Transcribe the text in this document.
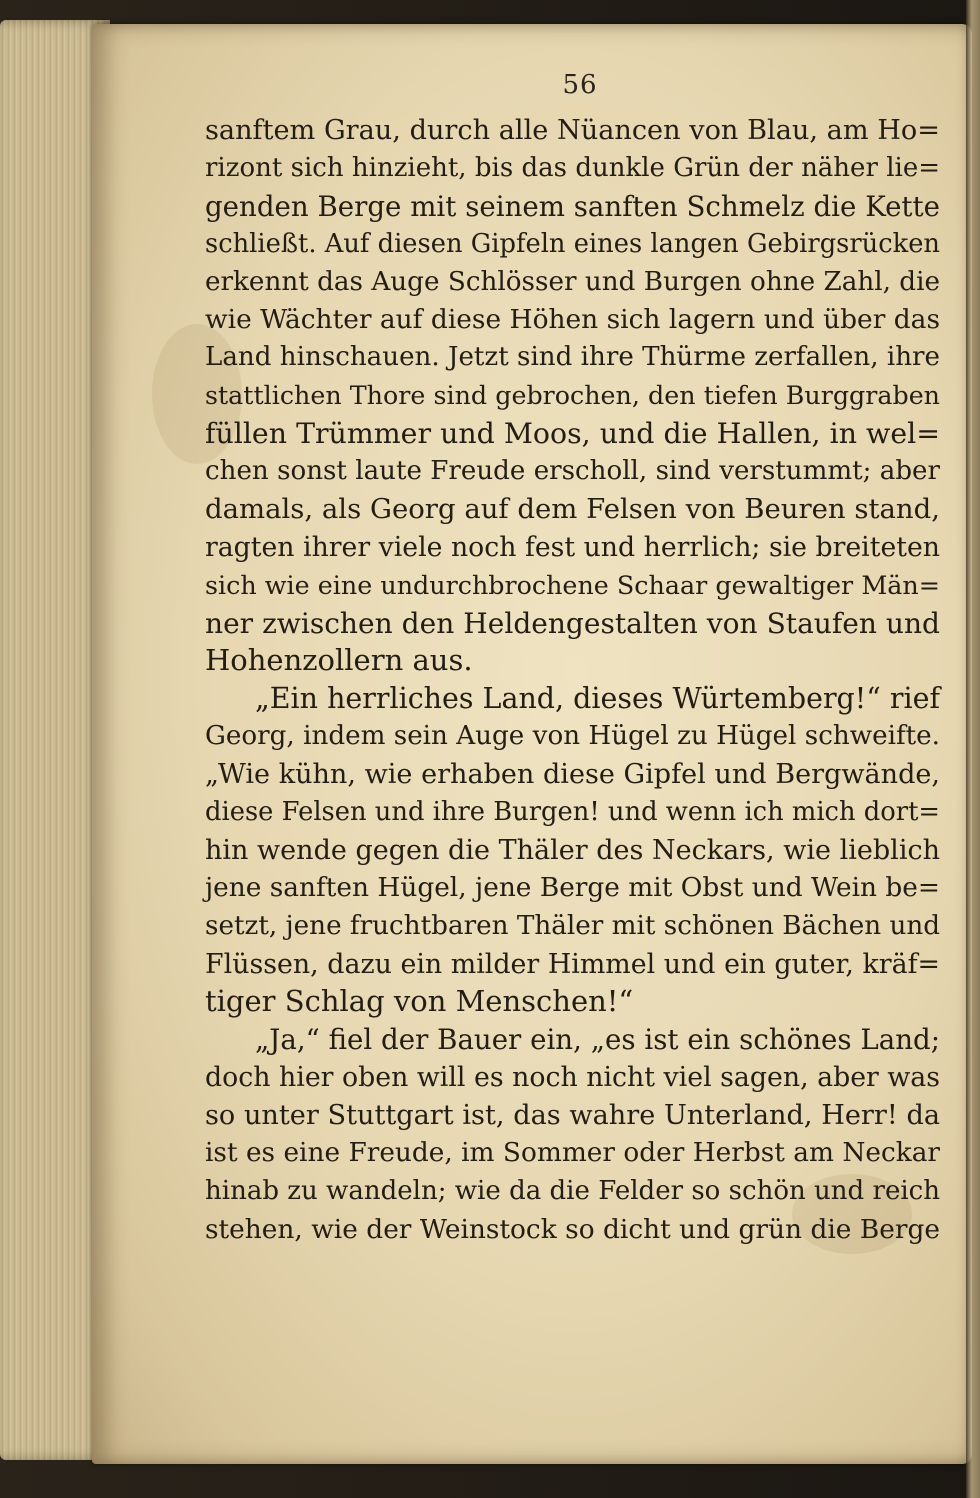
56
sanftem Grau, durch alle Nüancen von Blau, am Ho=
rizont sich hinzieht, bis das dunkle Grün der näher lie=
genden Berge mit seinem sanften Schmelz die Kette
schließt. Auf diesen Gipfeln eines langen Gebirgsrücken
erkennt das Auge Schlösser und Burgen ohne Zahl, die
wie Wächter auf diese Höhen sich lagern und über das
Land hinschauen. Jetzt sind ihre Thürme zerfallen, ihre
stattlichen Thore sind gebrochen, den tiefen Burggraben
füllen Trümmer und Moos, und die Hallen, in wel=
chen sonst laute Freude erscholl, sind verstummt; aber
damals, als Georg auf dem Felsen von Beuren stand,
ragten ihrer viele noch fest und herrlich; sie breiteten
sich wie eine undurchbrochene Schaar gewaltiger Män=
ner zwischen den Heldengestalten von Staufen und
Hohenzollern aus.
„Ein herrliches Land, dieses Würtemberg!“ rief
Georg, indem sein Auge von Hügel zu Hügel schweifte.
„Wie kühn, wie erhaben diese Gipfel und Bergwände,
diese Felsen und ihre Burgen! und wenn ich mich dort=
hin wende gegen die Thäler des Neckars, wie lieblich
jene sanften Hügel, jene Berge mit Obst und Wein be=
setzt, jene fruchtbaren Thäler mit schönen Bächen und
Flüssen, dazu ein milder Himmel und ein guter, kräf=
tiger Schlag von Menschen!“
„Ja,“ fiel der Bauer ein, „es ist ein schönes Land;
doch hier oben will es noch nicht viel sagen, aber was
so unter Stuttgart ist, das wahre Unterland, Herr! da
ist es eine Freude, im Sommer oder Herbst am Neckar
hinab zu wandeln; wie da die Felder so schön und reich
stehen, wie der Weinstock so dicht und grün die Berge
